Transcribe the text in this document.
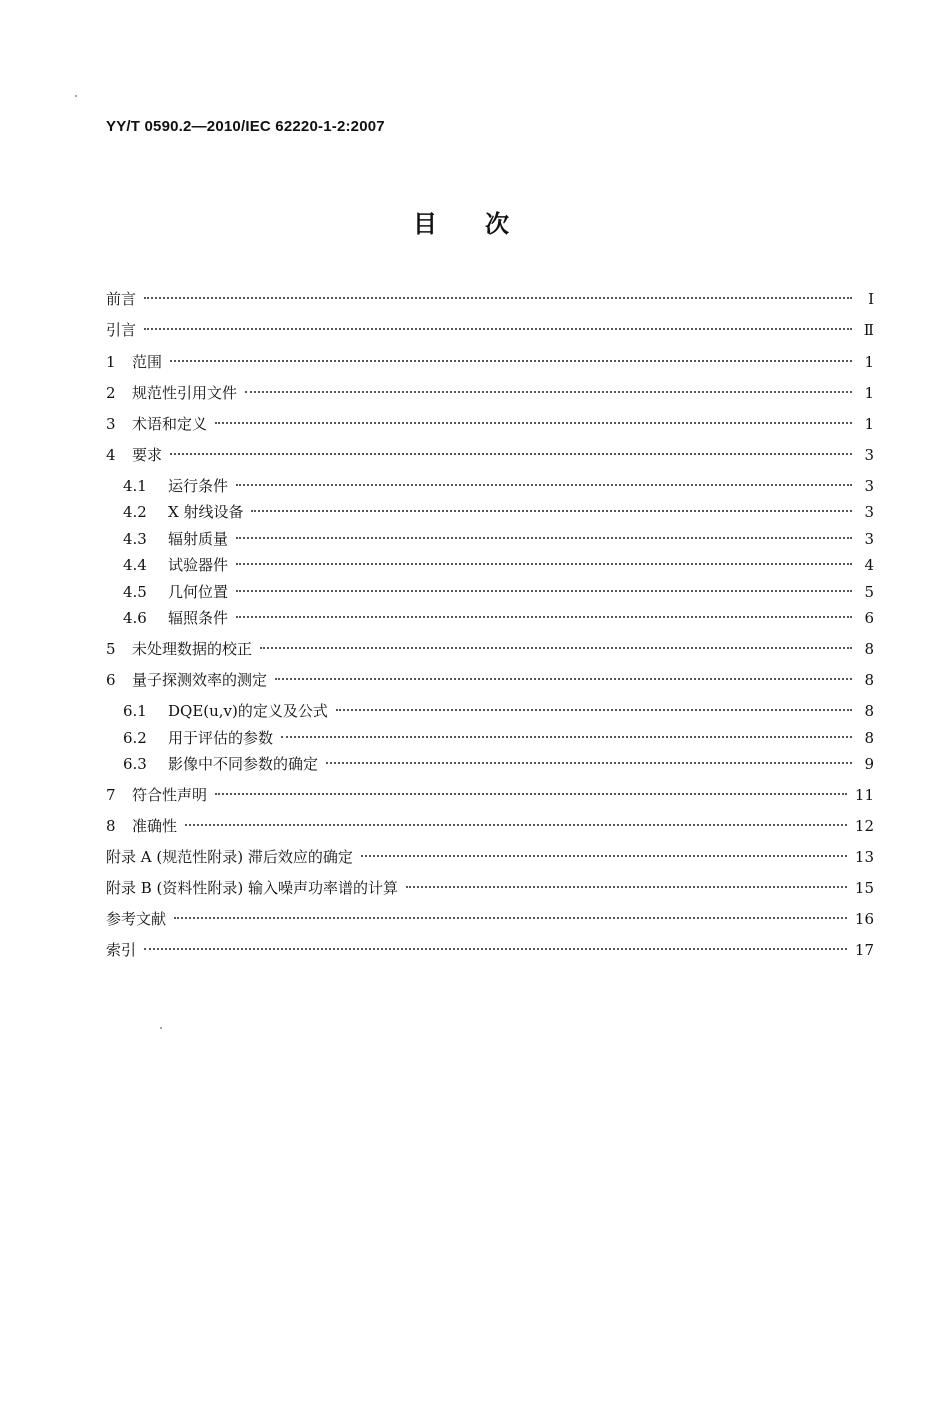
YY/T 0590.2—2010/IEC 62220-1-2:2007
目次
前言	Ⅰ
引言	Ⅱ
1	范围	1
2	规范性引用文件	1
3	术语和定义	1
4	要求	3
4.1	运行条件	3
4.2	X 射线设备	3
4.3	辐射质量	3
4.4	试验器件	4
4.5	几何位置	5
4.6	辐照条件	6
5	未处理数据的校正	8
6	量子探测效率的测定	8
6.1	DQE(u,v)的定义及公式	8
6.2	用于评估的参数	8
6.3	影像中不同参数的确定	9
7	符合性声明	11
8	准确性	12
附录 A (规范性附录) 滞后效应的确定	13
附录 B (资料性附录) 输入噪声功率谱的计算	15
参考文献	16
索引	17
